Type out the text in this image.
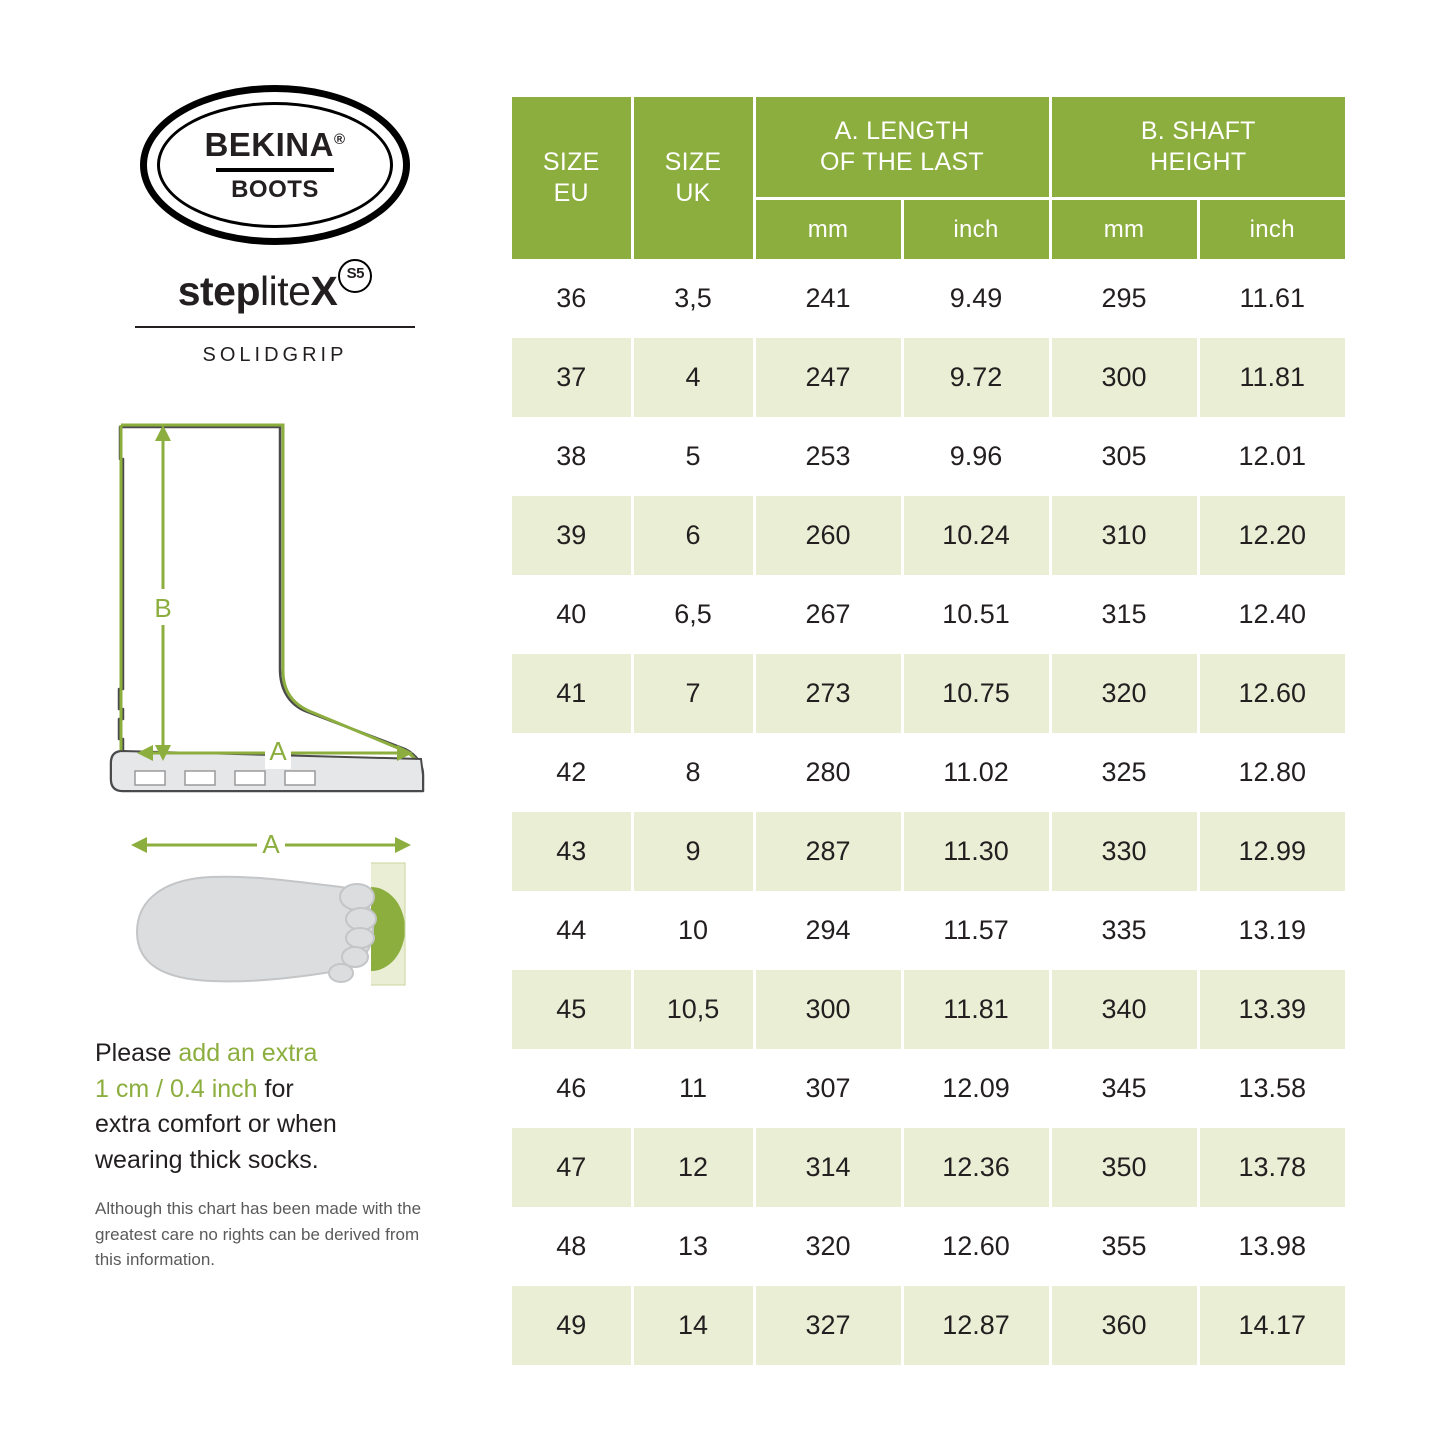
BEKINA®
BOOTS
stepliteX S5
SOLIDGRIP
B
A
A
Please add an extra
1 cm / 0.4 inch for
extra comfort or when
wearing thick socks.
Although this chart has been made with the greatest care no rights can be derived from this information.
SIZE
EU	SIZE
UK	A. LENGTH
OF THE LAST		B. SHAFT
HEIGHT	
		mm	inch	mm	inch
36	3,5	241	9.49	295	11.61
37	4	247	9.72	300	11.81
38	5	253	9.96	305	12.01
39	6	260	10.24	310	12.20
40	6,5	267	10.51	315	12.40
41	7	273	10.75	320	12.60
42	8	280	11.02	325	12.80
43	9	287	11.30	330	12.99
44	10	294	11.57	335	13.19
45	10,5	300	11.81	340	13.39
46	11	307	12.09	345	13.58
47	12	314	12.36	350	13.78
48	13	320	12.60	355	13.98
49	14	327	12.87	360	14.17
